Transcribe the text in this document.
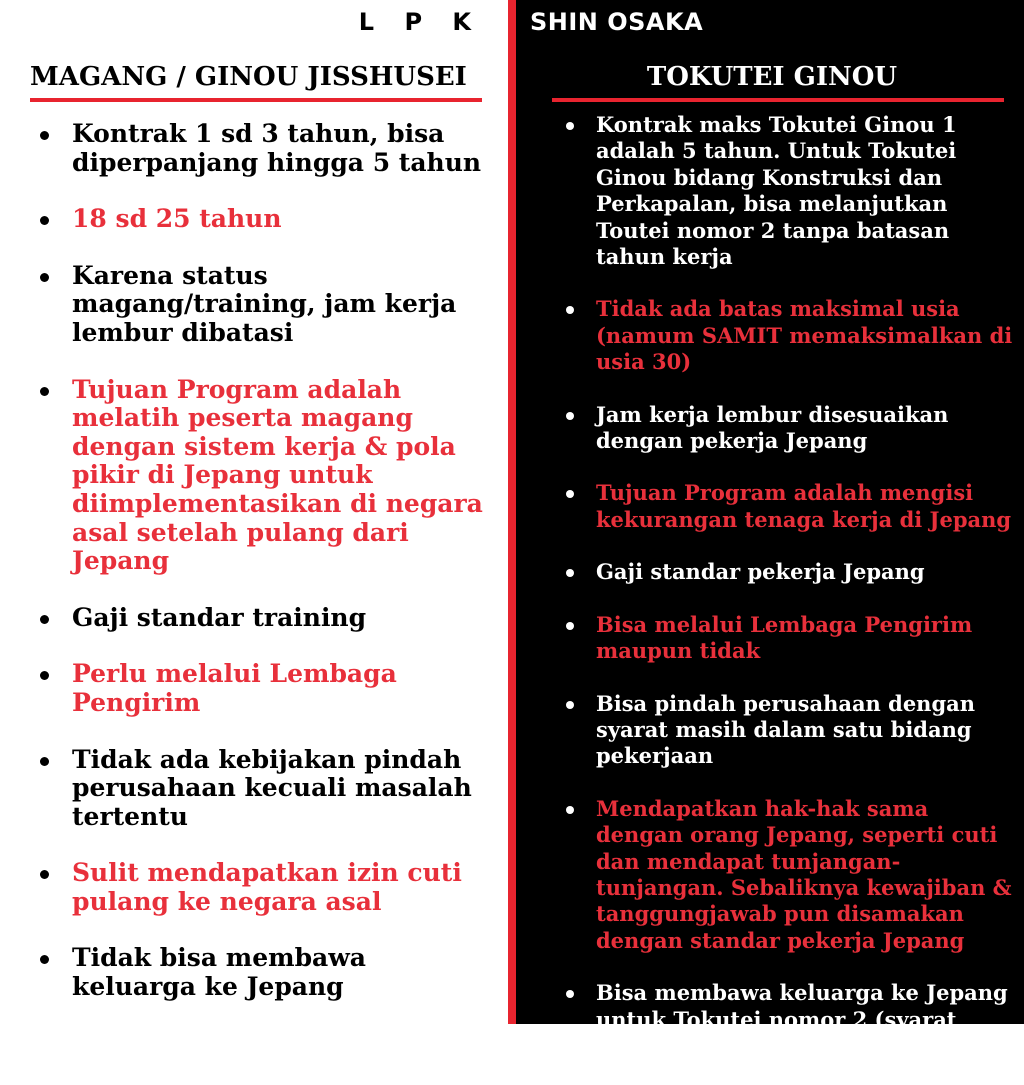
L P K
MAGANG / GINOU JISSHUSEI
Kontrak 1 sd 3 tahun, bisa diperpanjang hingga 5 tahun
18 sd 25 tahun
Karena status magang/training, jam kerja lembur dibatasi
Tujuan Program adalah melatih peserta magang dengan sistem kerja & pola pikir di Jepang untuk diimplementasikan di negara asal setelah pulang dari Jepang
Gaji standar training
Perlu melalui Lembaga Pengirim
Tidak ada kebijakan pindah perusahaan kecuali masalah tertentu
Sulit mendapatkan izin cuti pulang ke negara asal
Tidak bisa membawa keluarga ke Jepang
SHIN OSAKA
TOKUTEI GINOU
Kontrak maks Tokutei Ginou 1 adalah 5 tahun. Untuk Tokutei Ginou bidang Konstruksi dan Perkapalan, bisa melanjutkan Toutei nomor 2 tanpa batasan tahun kerja
Tidak ada batas maksimal usia (namum SAMIT memaksimalkan di usia 30)
Jam kerja lembur disesuaikan dengan pekerja Jepang
Tujuan Program adalah mengisi kekurangan tenaga kerja di Jepang
Gaji standar pekerja Jepang
Bisa melalui Lembaga Pengirim maupun tidak
Bisa pindah perusahaan dengan syarat masih dalam satu bidang pekerjaan
Mendapatkan hak-hak sama dengan orang Jepang, seperti cuti dan mendapat tunjangan-tunjangan. Sebaliknya kewajiban & tanggungjawab pun disamakan dengan standar pekerja Jepang
Bisa membawa keluarga ke Jepang untuk Tokutei nomor 2 (syarat ketentuan berlaku)
